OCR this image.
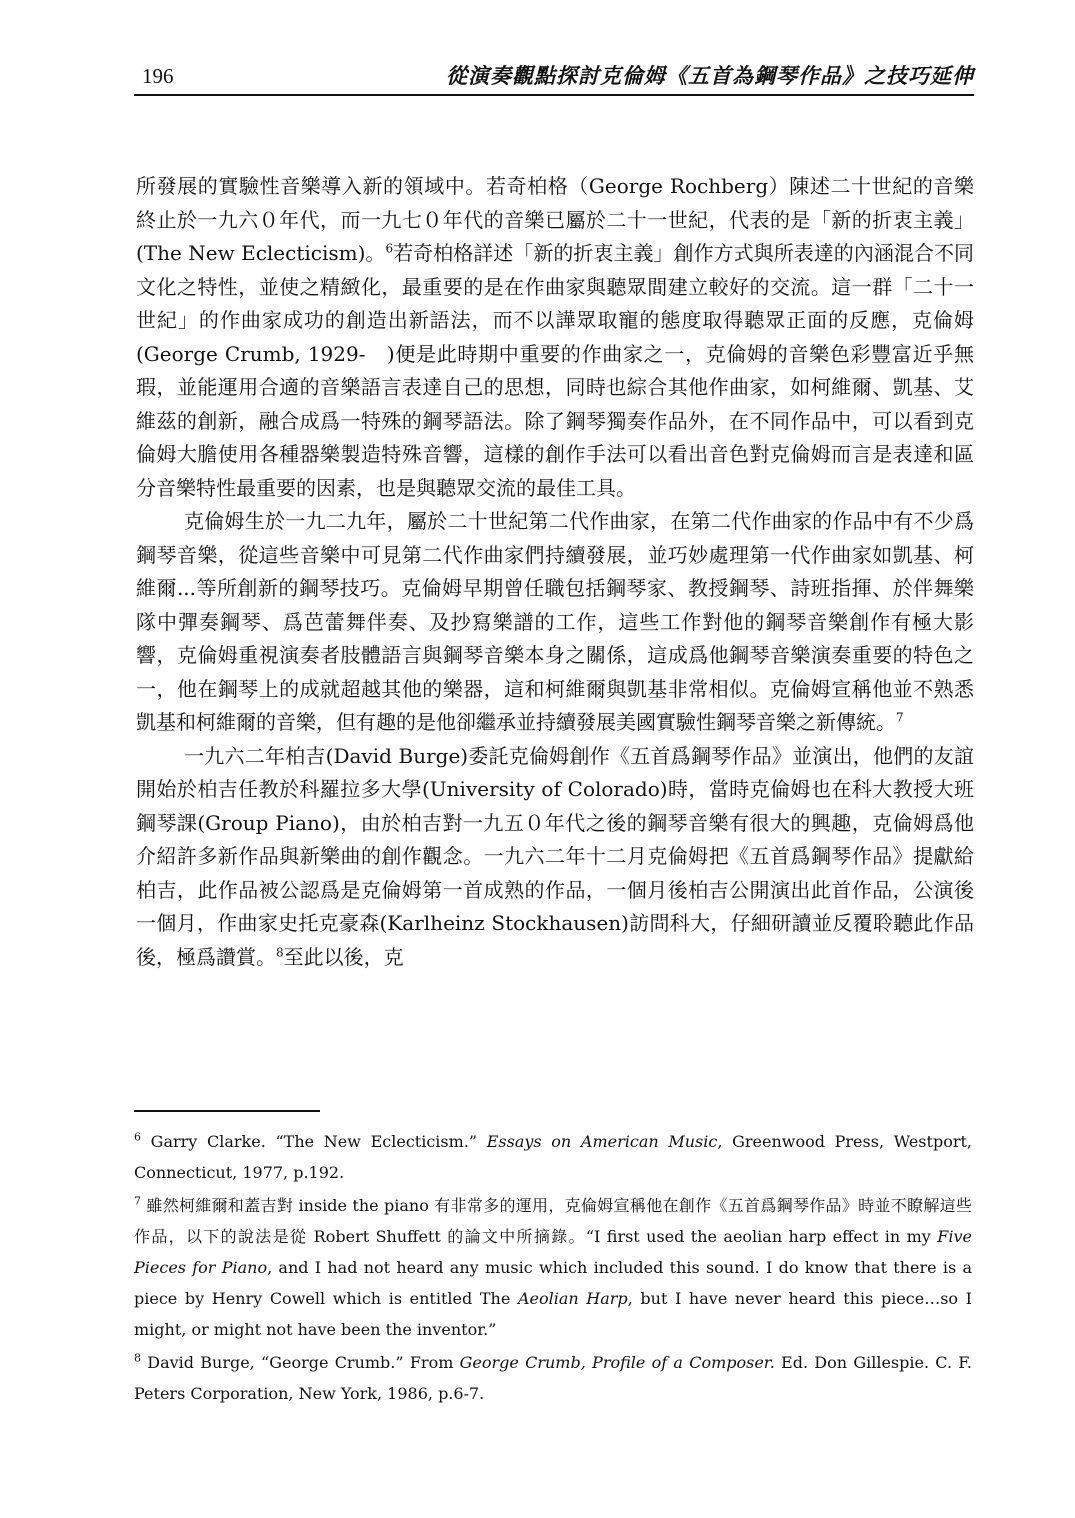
196	從演奏觀點探討克倫姆《五首為鋼琴作品》之技巧延伸

所發展的實驗性音樂導入新的領域中。若奇柏格（George Rochberg）陳述二十世紀的音樂終止於一九六０年代，而一九七０年代的音樂已屬於二十一世紀，代表的是「新的折衷主義」(The New Eclecticism)。$^6$若奇柏格詳述「新的折衷主義」創作方式與所表達的內涵混合不同文化之特性，並使之精緻化，最重要的是在作曲家與聽眾間建立較好的交流。這一群「二十一世紀」的作曲家成功的創造出新語法，而不以譁眾取寵的態度取得聽眾正面的反應，克倫姆(George Crumb, 1929-　)便是此時期中重要的作曲家之一，克倫姆的音樂色彩豐富近乎無瑕，並能運用合適的音樂語言表達自己的思想，同時也綜合其他作曲家，如柯維爾、凱基、艾維茲的創新，融合成爲一特殊的鋼琴語法。除了鋼琴獨奏作品外，在不同作品中，可以看到克倫姆大膽使用各種器樂製造特殊音響，這樣的創作手法可以看出音色對克倫姆而言是表達和區分音樂特性最重要的因素，也是與聽眾交流的最佳工具。

克倫姆生於一九二九年，屬於二十世紀第二代作曲家，在第二代作曲家的作品中有不少爲鋼琴音樂，從這些音樂中可見第二代作曲家們持續發展，並巧妙處理第一代作曲家如凱基、柯維爾...等所創新的鋼琴技巧。克倫姆早期曾任職包括鋼琴家、教授鋼琴、詩班指揮、於伴舞樂隊中彈奏鋼琴、爲芭蕾舞伴奏、及抄寫樂譜的工作，這些工作對他的鋼琴音樂創作有極大影響，克倫姆重視演奏者肢體語言與鋼琴音樂本身之關係，這成爲他鋼琴音樂演奏重要的特色之一，他在鋼琴上的成就超越其他的樂器，這和柯維爾與凱基非常相似。克倫姆宣稱他並不熟悉凱基和柯維爾的音樂，但有趣的是他卻繼承並持續發展美國實驗性鋼琴音樂之新傳統。$^7$

一九六二年柏吉(David Burge)委託克倫姆創作《五首爲鋼琴作品》並演出，他們的友誼開始於柏吉任教於科羅拉多大學(University of Colorado)時，當時克倫姆也在科大教授大班鋼琴課(Group Piano)，由於柏吉對一九五０年代之後的鋼琴音樂有很大的興趣，克倫姆爲他介紹許多新作品與新樂曲的創作觀念。一九六二年十二月克倫姆把《五首爲鋼琴作品》提獻給柏吉，此作品被公認爲是克倫姆第一首成熟的作品，一個月後柏吉公開演出此首作品，公演後一個月，作曲家史托克豪森(Karlheinz Stockhausen)訪問科大，仔細研讀並反覆聆聽此作品後，極爲讚賞。$^8$至此以後，克

$^6$ Garry Clarke. “The New Eclecticism.” Essays on American Music, Greenwood Press, Westport, Connecticut, 1977, p.192.

$^7$ 雖然柯維爾和蓋吉對 inside the piano 有非常多的運用，克倫姆宣稱他在創作《五首爲鋼琴作品》時並不瞭解這些作品，以下的說法是從 Robert Shuffett 的論文中所摘錄。“I first used the aeolian harp effect in my Five Pieces for Piano, and I had not heard any music which included this sound. I do know that there is a piece by Henry Cowell which is entitled The Aeolian Harp, but I have never heard this piece…so I might, or might not have been the inventor.”

$^8$ David Burge, “George Crumb.” From George Crumb, Profile of a Composer. Ed. Don Gillespie. C. F. Peters Corporation, New York, 1986, p.6-7.
